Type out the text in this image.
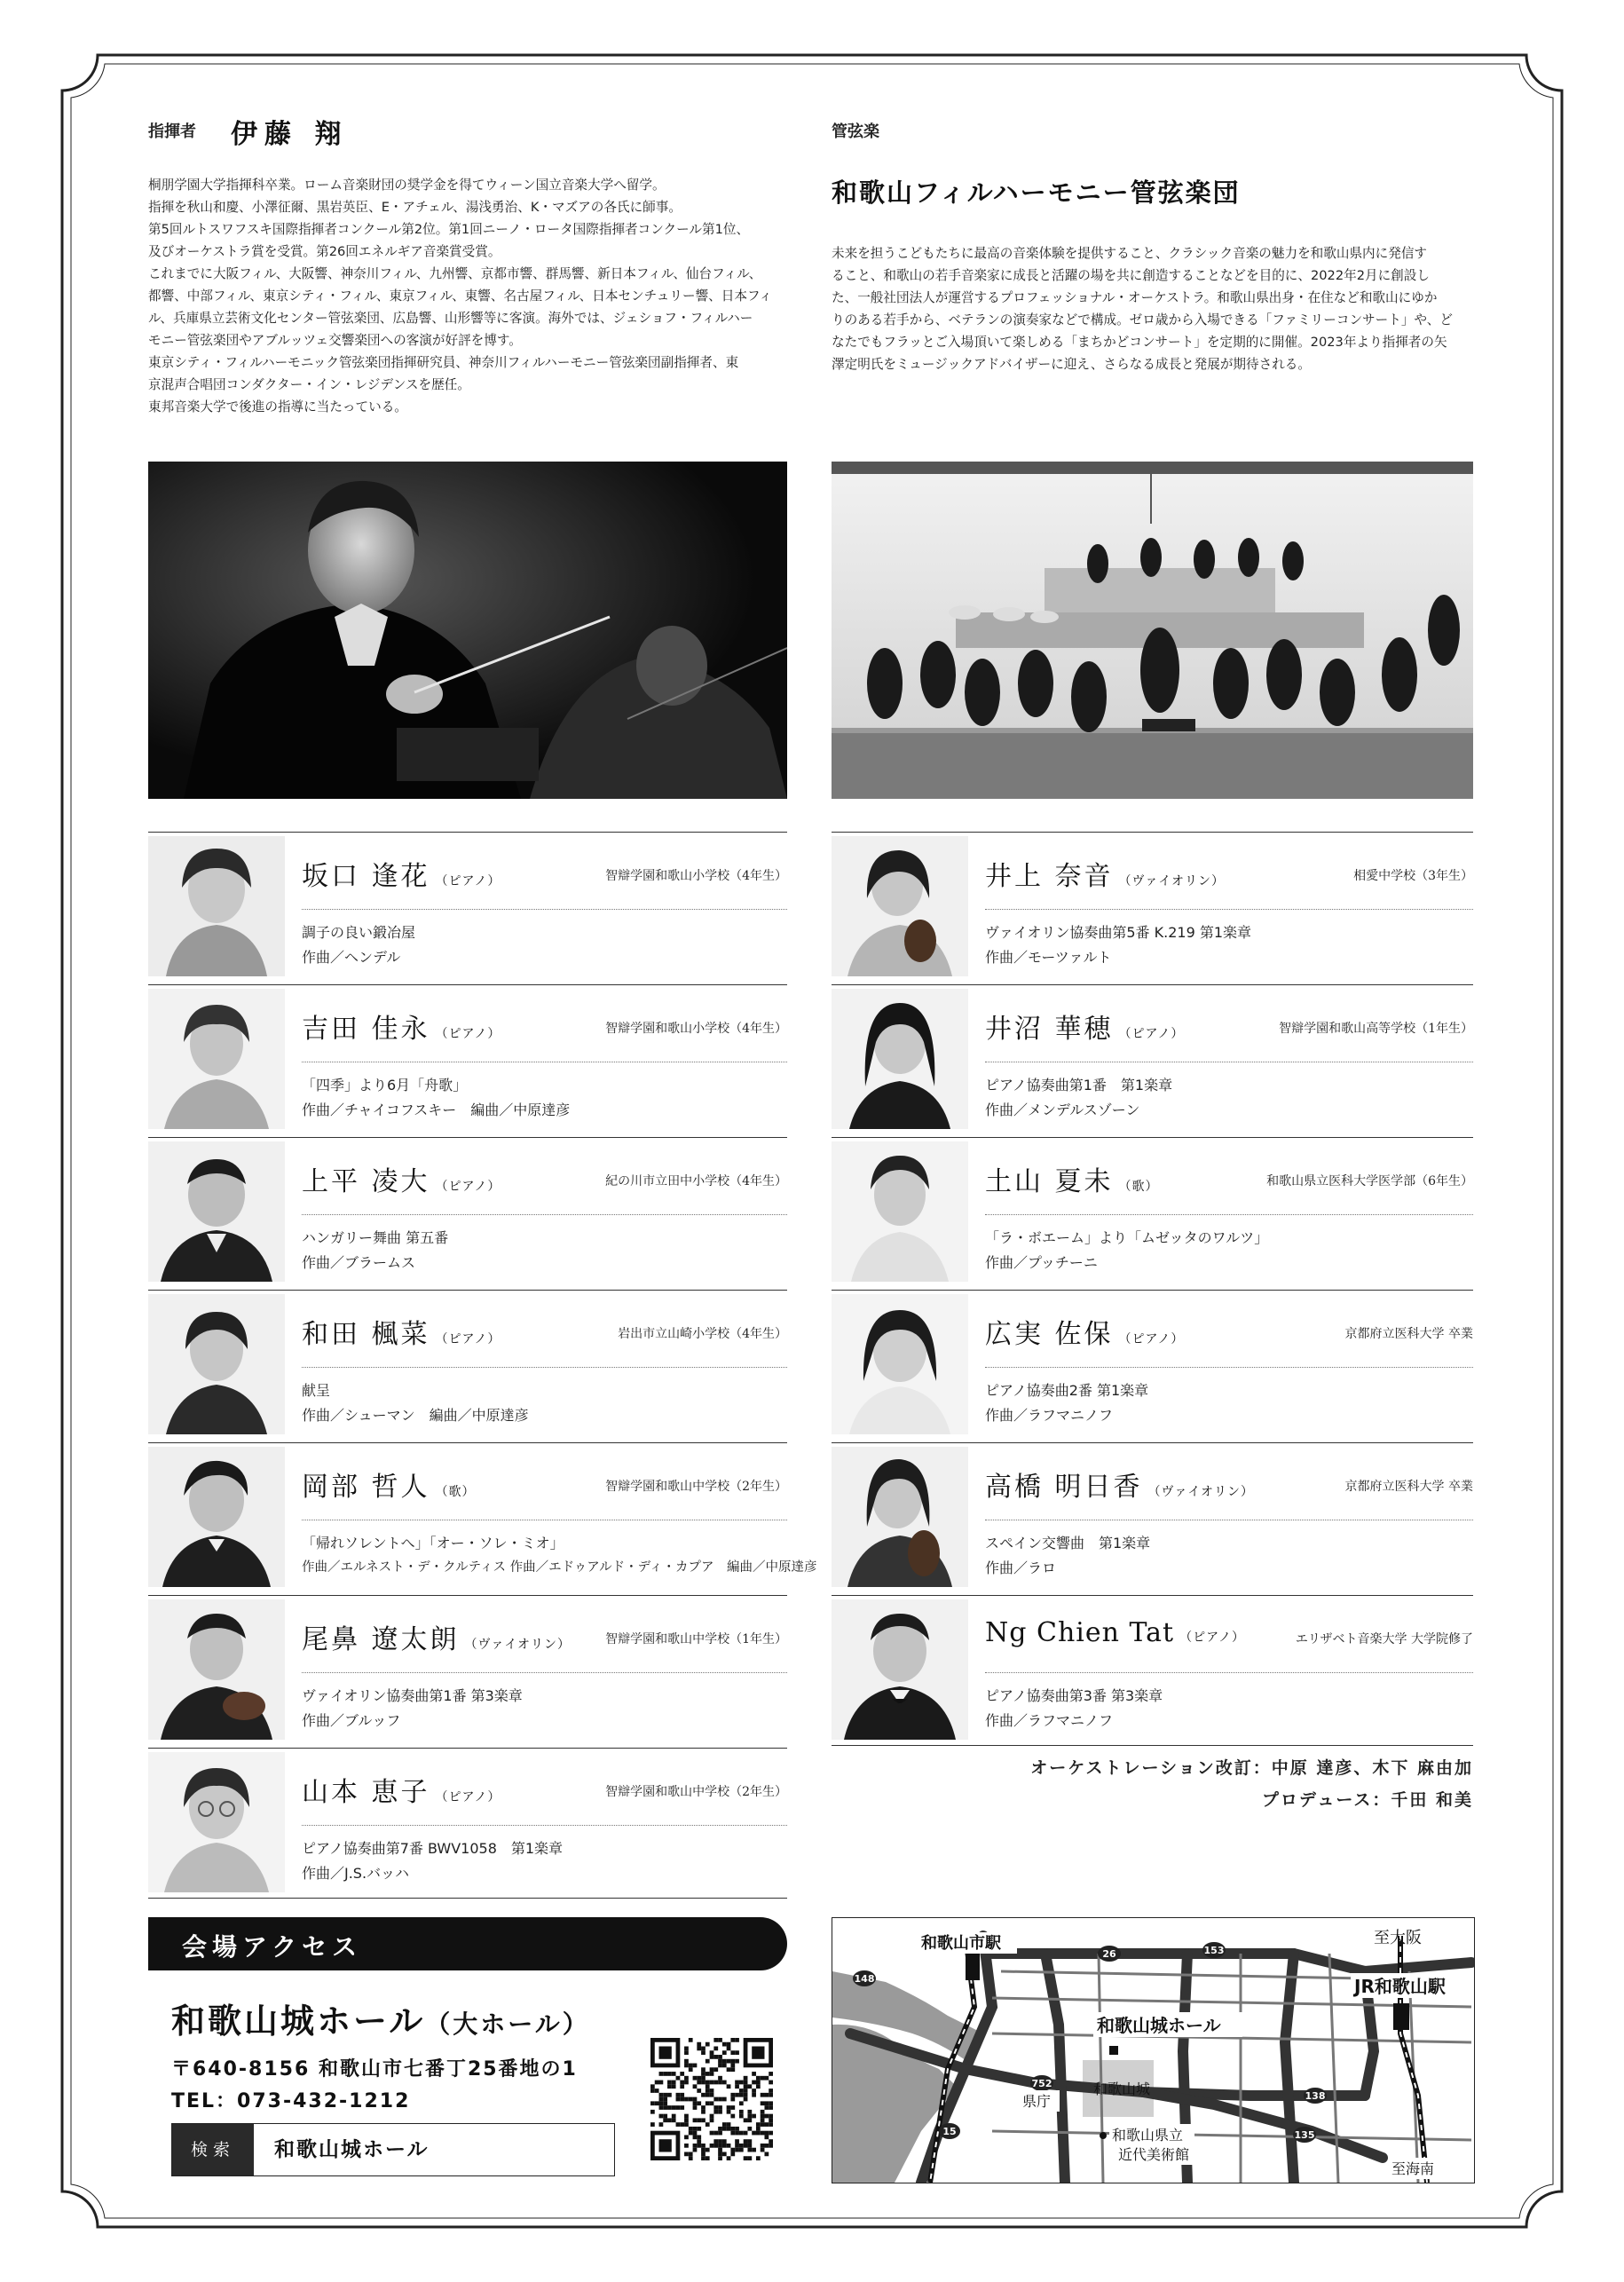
指揮者 伊藤 翔
桐朋学園大学指揮科卒業。ローム音楽財団の奨学金を得てウィーン国立音楽大学へ留学。
指揮を秋山和慶、小澤征爾、黒岩英臣、E・アチェル、湯浅勇治、K・マズアの各氏に師事。
第5回ルトスワフスキ国際指揮者コンクール第2位。第1回ニーノ・ロータ国際指揮者コンクール第1位、
及びオーケストラ賞を受賞。第26回エネルギア音楽賞受賞。
これまでに大阪フィル、大阪響、神奈川フィル、九州響、京都市響、群馬響、新日本フィル、仙台フィル、
都響、中部フィル、東京シティ・フィル、東京フィル、東響、名古屋フィル、日本センチュリー響、日本フィ
ル、兵庫県立芸術文化センター管弦楽団、広島響、山形響等に客演。海外では、ジェショフ・フィルハー
モニー管弦楽団やアブルッツェ交響楽団への客演が好評を博す。
東京シティ・フィルハーモニック管弦楽団指揮研究員、神奈川フィルハーモニー管弦楽団副指揮者、東
京混声合唱団コンダクター・イン・レジデンスを歴任。
東邦音楽大学で後進の指導に当たっている。
管弦楽
和歌山フィルハーモニー管弦楽団
未来を担うこどもたちに最高の音楽体験を提供すること、クラシック音楽の魅力を和歌山県内に発信す
ること、和歌山の若手音楽家に成長と活躍の場を共に創造することなどを目的に、2022年2月に創設し
た、一般社団法人が運営するプロフェッショナル・オーケストラ。和歌山県出身・在住など和歌山にゆか
りのある若手から、ベテランの演奏家などで構成。ゼロ歳から入場できる「ファミリーコンサート」や、ど
なたでもフラッとご入場頂いて楽しめる「まちかどコンサート」を定期的に開催。2023年より指揮者の矢
澤定明氏をミュージックアドバイザーに迎え、さらなる成長と発展が期待される。
坂口 逢花 （ピアノ）	智辯学園和歌山小学校（4年生）
調子の良い鍛冶屋
作曲／ヘンデル
吉田 佳永 （ピアノ）	智辯学園和歌山小学校（4年生）
「四季」より6月「舟歌」
作曲／チャイコフスキー　編曲／中原達彦
上平 凌大 （ピアノ）	紀の川市立田中小学校（4年生）
ハンガリー舞曲 第五番
作曲／ブラームス
和田 楓菜 （ピアノ）	岩出市立山崎小学校（4年生）
献呈
作曲／シューマン　編曲／中原達彦
岡部 哲人 （歌）	智辯学園和歌山中学校（2年生）
「帰れソレントへ」「オー・ソレ・ミオ」
作曲／エルネスト・デ・クルティス 作曲／エドゥアルド・ディ・カプア　編曲／中原達彦
尾鼻 遼太朗 （ヴァイオリン）	智辯学園和歌山中学校（1年生）
ヴァイオリン協奏曲第1番 第3楽章
作曲／ブルッフ
山本 恵子 （ピアノ）	智辯学園和歌山中学校（2年生）
ピアノ協奏曲第7番 BWV1058　第1楽章
作曲／J.S.バッハ
井上 奈音 （ヴァイオリン）	相愛中学校（3年生）
ヴァイオリン協奏曲第5番 K.219 第1楽章
作曲／モーツァルト
井沼 華穂 （ピアノ）	智辯学園和歌山高等学校（1年生）
ピアノ協奏曲第1番　第1楽章
作曲／メンデルスゾーン
土山 夏未 （歌）	和歌山県立医科大学医学部（6年生）
「ラ・ボエーム」より「ムゼッタのワルツ」
作曲／プッチーニ
広実 佐保 （ピアノ）	京都府立医科大学 卒業
ピアノ協奏曲2番 第1楽章
作曲／ラフマニノフ
高橋 明日香 （ヴァイオリン）	京都府立医科大学 卒業
スペイン交響曲　第1楽章
作曲／ラロ
Ng Chien Tat （ピアノ）	エリザベト音楽大学 大学院修了
ピアノ協奏曲第3番 第3楽章
作曲／ラフマニノフ
オーケストレーション改訂：中原 達彦、木下 麻由加
プロデュース：千田 和美
会場アクセス
和歌山城ホール（大ホール）
〒640-8156 和歌山市七番丁25番地の1
TEL：073-432-1212
検索	和歌山城ホール
26	153
148
752
138
15	135
和歌山市駅	至大阪
JR和歌山駅
和歌山城ホール
和歌山城
県庁
和歌山県立
近代美術館
至海南
